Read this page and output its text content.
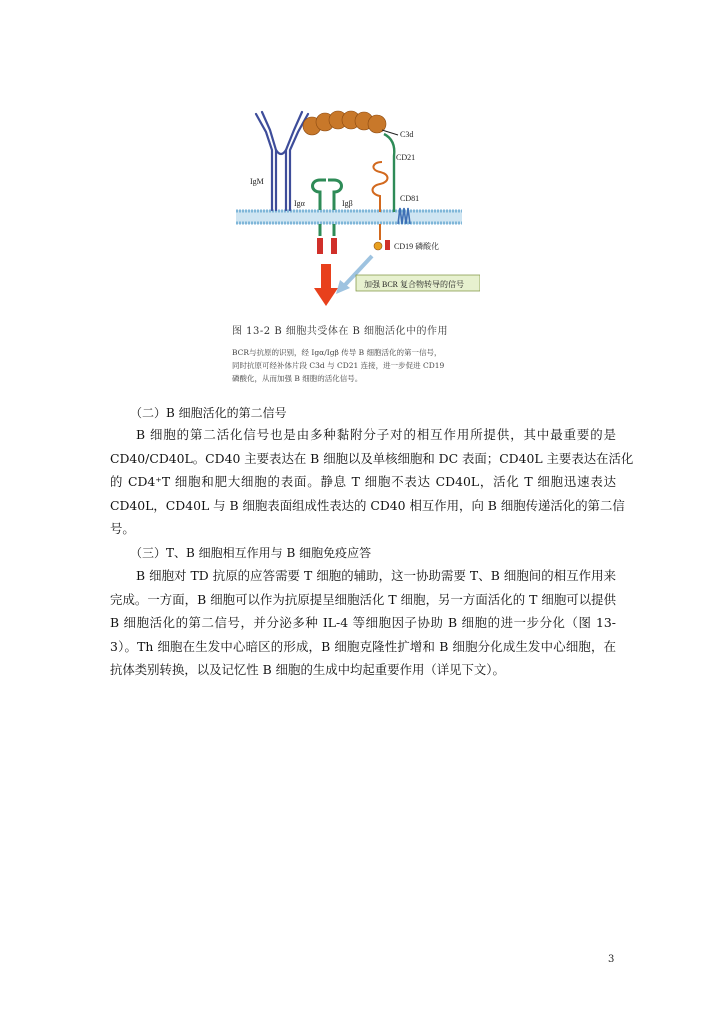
C3d
CD21
CD19 磷酸化
CD81
Igα	Igβ
IgM
加强 BCR 复合物转导的信号
图 13-2 B 细胞共受体在 B 细胞活化中的作用
BCR与抗原的识别，经 Igα/Igβ 传导 B 细胞活化的第一信号，
同时抗原可经补体片段 C3d 与 CD21 连接，进一步促进 CD19
磷酸化，从而加强 B 细胞的活化信号。
（二）B 细胞活化的第二信号
B 细胞的第二活化信号也是由多种黏附分子对的相互作用所提供，其中最重要的是
CD40/CD40L。CD40 主要表达在 B 细胞以及单核细胞和 DC 表面；CD40L 主要表达在活化
的 CD4⁺T 细胞和肥大细胞的表面。静息 T 细胞不表达 CD40L，活化 T 细胞迅速表达
CD40L，CD40L 与 B 细胞表面组成性表达的 CD40 相互作用，向 B 细胞传递活化的第二信
号。
（三）T、B 细胞相互作用与 B 细胞免疫应答
B 细胞对 TD 抗原的应答需要 T 细胞的辅助，这一协助需要 T、B 细胞间的相互作用来
完成。一方面，B 细胞可以作为抗原提呈细胞活化 T 细胞，另一方面活化的 T 细胞可以提供
B 细胞活化的第二信号，并分泌多种 IL-4 等细胞因子协助 B 细胞的进一步分化（图 13-
3）。Th 细胞在生发中心暗区的形成，B 细胞克隆性扩增和 B 细胞分化成生发中心细胞，在
抗体类别转换，以及记忆性 B 细胞的生成中均起重要作用（详见下文）。
3
